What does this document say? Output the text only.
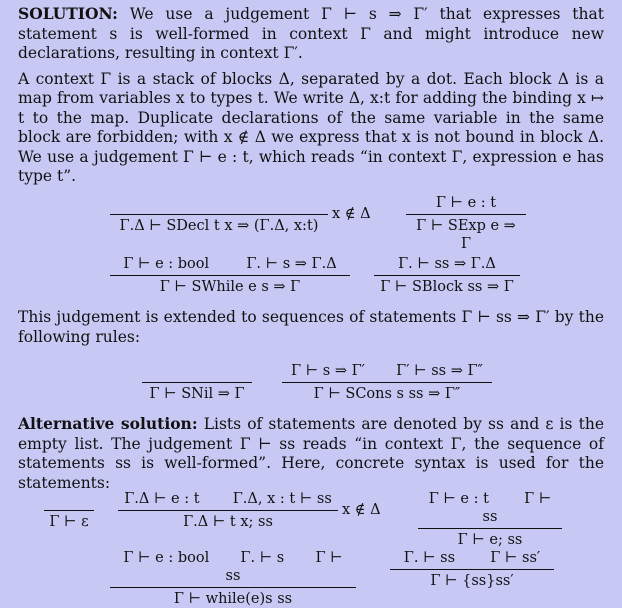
SOLUTION: We use a judgement Γ ⊢ s ⇒ Γ′ that expresses that statement s is well-formed in context Γ and might introduce new declarations, resulting in context Γ′.

A context Γ is a stack of blocks Δ, separated by a dot. Each block Δ is a map from variables x to types t. We write Δ, x:t for adding the binding x ↦ t to the map. Duplicate declarations of the same variable in the same block are forbidden; with x ∉ Δ we express that x is not bound in block Δ. We use a judgement Γ ⊢ e : t, which reads “in context Γ, expression e has type t”.

Γ.Δ ⊢ SDecl t x ⇒ (Γ.Δ, x:t)
x ∉ Δ
Γ ⊢ e : t
Γ ⊢ SExp e ⇒ Γ
Γ ⊢ e : bool	Γ. ⊢ s ⇒ Γ.Δ
Γ ⊢ SWhile e s ⇒ Γ
Γ. ⊢ ss ⇒ Γ.Δ
Γ ⊢ SBlock ss ⇒ Γ

This judgement is extended to sequences of statements Γ ⊢ ss ⇒ Γ′ by the following rules:

Γ ⊢ SNil ⇒ Γ
Γ ⊢ s ⇒ Γ′ Γ′ ⊢ ss ⇒ Γ″
Γ ⊢ SCons s ss ⇒ Γ″

Alternative solution: Lists of statements are denoted by ss and ε is the empty list. The judgement Γ ⊢ ss reads “in context Γ, the sequence of statements ss is well-formed”. Here, concrete syntax is used for the statements:

Γ ⊢ ε	$\frac{\text{Γ.Δ ⊢ e : t Γ.Δ, x : t ⊢ ss}}{\text{Γ.Δ ⊢ t x; ss}}$ x ∉ Δ	$\frac{\text{Γ ⊢ e : t Γ ⊢ ss}}{\Gamma ⊢ e; ss}$
Γ ⊢ e : bool Γ. ⊢ s Γ ⊢ ss
Γ ⊢ while(e)s ss
$\frac{\text{Γ. ⊢ ss Γ ⊢ ss′}}{\Gamma ⊢ \{ss\}ss'}$
